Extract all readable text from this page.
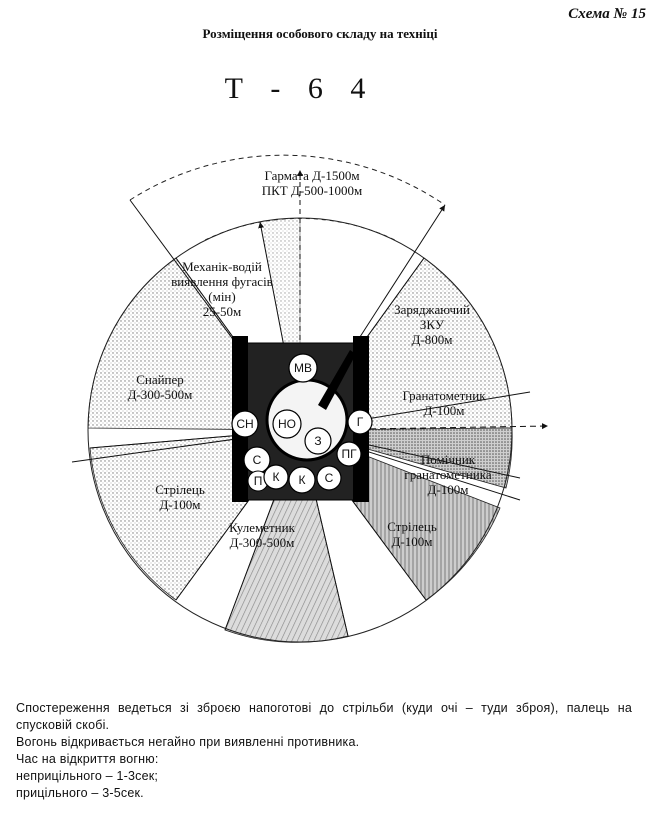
Схема № 15
Розміщення особового складу на техніці
Т - 6 4
МВ
СН НО
З
Г
ПГ
С
П К К С
Гармата Д-1500м
ПКТ Д-500-1000м
Механік-водій
виявлення фугасів
(мін)
25-50м	Заряджаючий
ЗКУ
Д-800м
Снайпер
Д-300-500м	Гранатометник
Д-100м
Помічник
гранатометника
Д-100м
Стрілець
Д-100м
Стрілець
Д-100м
Кулеметник
Д-300-500м

Спостереження ведеться зі зброєю напоготові до стрільби (куди очі – туди зброя), палець на спусковій скобі.

Вогонь відкривається негайно при виявленні противника.

Час на відкриття вогню:

неприцільного – 1-3сек;

прицільного – 3-5сек.
